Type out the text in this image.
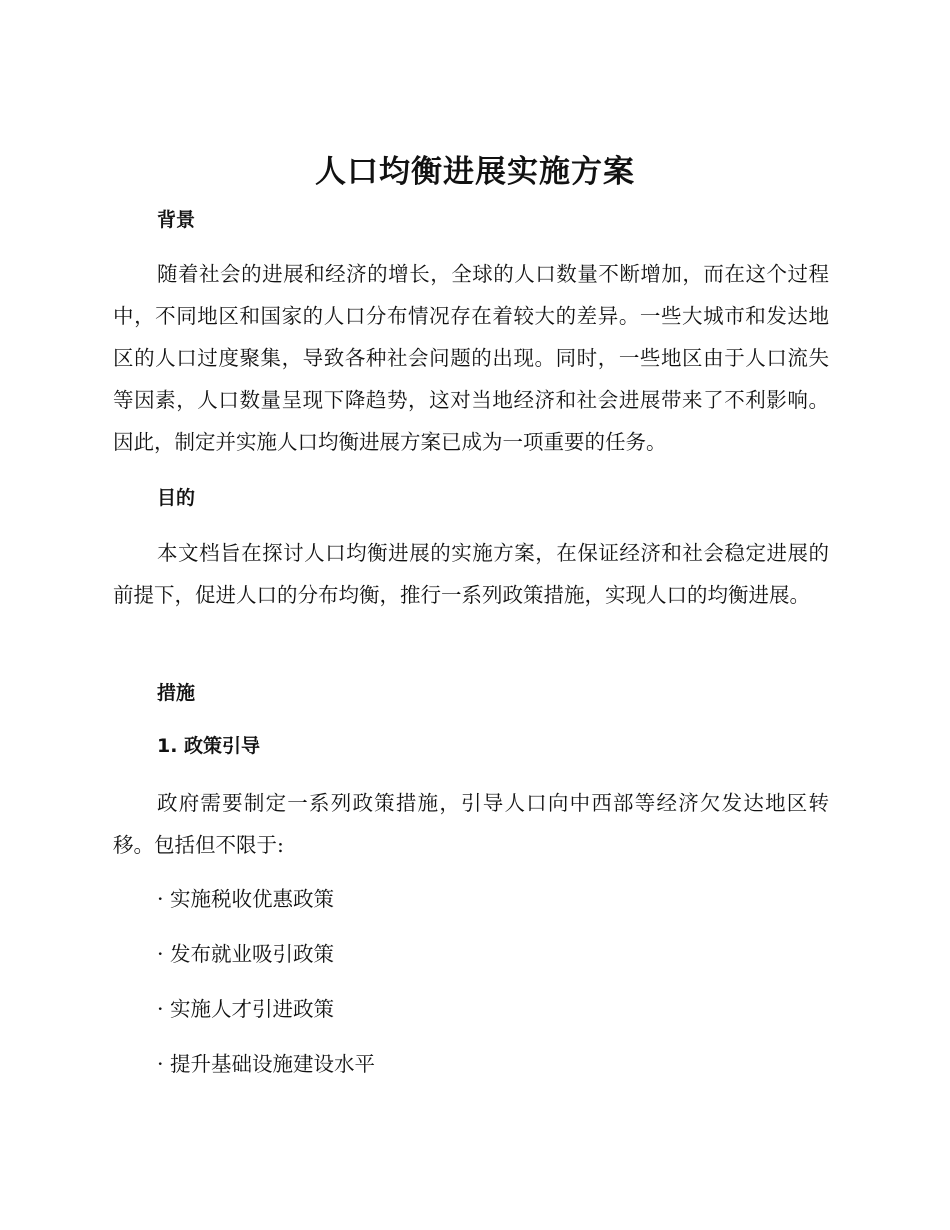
人口均衡进展实施方案
背景

随着社会的进展和经济的增长，全球的人口数量不断增加，而在这个过程中，不同地区和国家的人口分布情况存在着较大的差异。一些大城市和发达地区的人口过度聚集，导致各种社会问题的出现。同时，一些地区由于人口流失等因素，人口数量呈现下降趋势，这对当地经济和社会进展带来了不利影响。因此，制定并实施人口均衡进展方案已成为一项重要的任务。

目的

本文档旨在探讨人口均衡进展的实施方案，在保证经济和社会稳定进展的前提下，促进人口的分布均衡，推行一系列政策措施，实现人口的均衡进展。

措施
1. 政策引导

政府需要制定一系列政策措施，引导人口向中西部等经济欠发达地区转移。包括但不限于:

· 实施税收优惠政策
· 发布就业吸引政策
· 实施人才引进政策
· 提升基础设施建设水平
